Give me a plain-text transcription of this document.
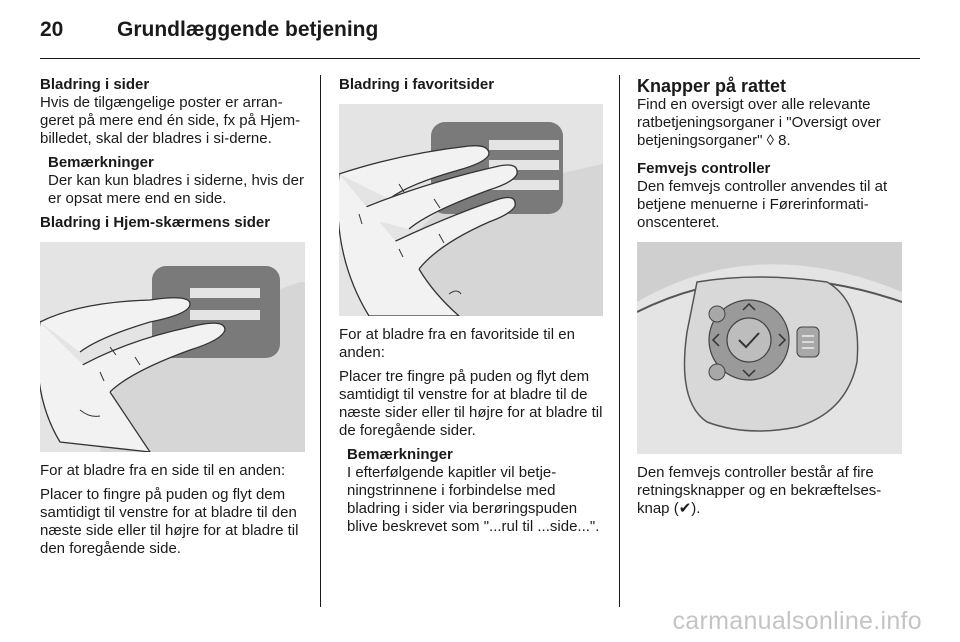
20	Grundlæggende betjening

Bladring i sider

Hvis de tilgængelige poster er arran-geret på mere end én side, fx på Hjem-billedet, skal der bladres i si-derne.

Bemærkninger

Der kan kun bladres i siderne, hvis der er opsat mere end en side.

Bladring i Hjem-skærmens sider

For at bladre fra en side til en anden:

Placer to fingre på puden og flyt dem samtidigt til venstre for at bladre til den næste side eller til højre for at bladre til den foregående side.

Bladring i favoritsider

For at bladre fra en favoritside til en anden:

Placer tre fingre på puden og flyt dem samtidigt til venstre for at bladre til de næste sider eller til højre for at bladre til de foregående sider.

Bemærkninger

I efterfølgende kapitler vil betje-ningstrinnene i forbindelse med bladring i sider via berøringspuden blive beskrevet som "...rul til ...side...".

Knapper på rattet

Find en oversigt over alle relevante ratbetjeningsorganer i "Oversigt over betjeningsorganer" ◊ 8.

Femvejs controller

Den femvejs controller anvendes til at betjene menuerne i Førerinformati-onscenteret.

Den femvejs controller består af fire retningsknapper og en bekræftelses-knap (✔).

carmanualsonline.info
